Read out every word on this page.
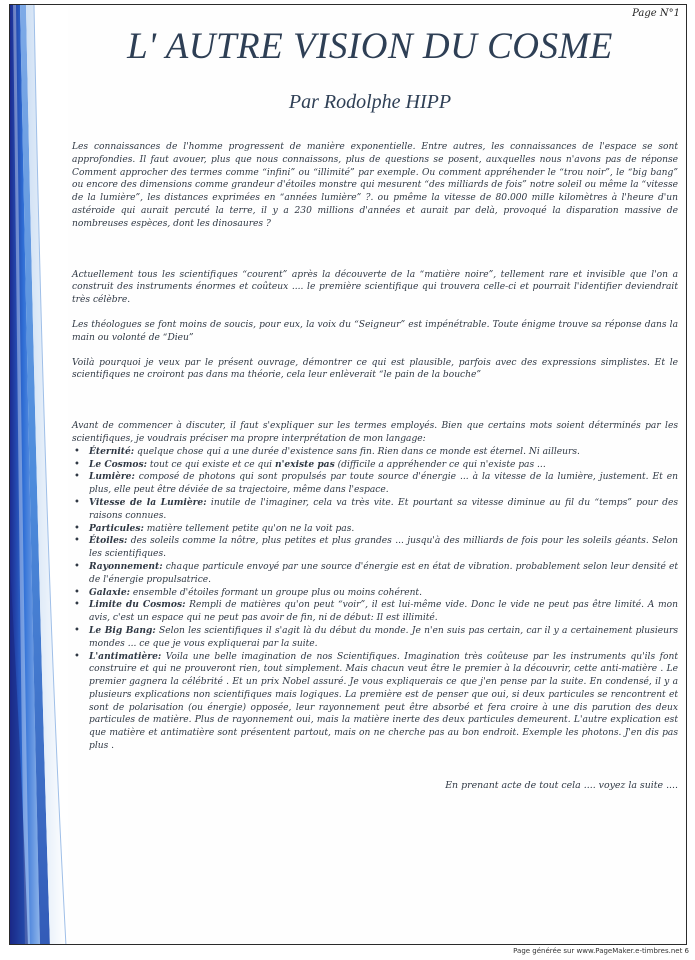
Page N°1
L' AUTRE VISION DU COSME
Par Rodolphe HIPP

Les connaissances de l'homme progressent de manière exponentielle. Entre autres, les connaissances de l'espace se sont approfondies. Il faut avouer, plus que nous connaissons, plus de questions se posent, auxquelles nous n'avons pas de réponse Comment approcher des termes comme “infini” ou “illimité” par exemple. Ou comment appréhender le “trou noir”, le “big bang” ou encore des dimensions comme grandeur d'étoiles monstre qui mesurent “des milliards de fois” notre soleil ou même la “vitesse de la lumière”, les distances exprimées en “années lumière” ?. ou pmême la vitesse de 80.000 mille kilomètres à l'heure d'un astéroide qui aurait percuté la terre, il y a 230 millions d'années et aurait par delà, provoqué la disparation massive de nombreuses espèces, dont les dinosaures ?

Actuellement tous les scientifiques “courent” après la découverte de la “matière noire”, tellement rare et invisible que l'on a construit des instruments énormes et coûteux .... le première scientifique qui trouvera celle-ci et pourrait l'identifier deviendrait très célèbre.

Les théologues se font moins de soucis, pour eux, la voix du “Seigneur” est impénétrable. Toute énigme trouve sa réponse dans la main ou volonté de “Dieu”

Voilà pourquoi je veux par le présent ouvrage, démontrer ce qui est plausible, parfois avec des expressions simplistes. Et le scientifiques ne croiront pas dans ma théorie, cela leur enlèverait “le pain de la bouche”

Avant de commencer à discuter, il faut s'expliquer sur les termes employés. Bien que certains mots soient déterminés par les scientifiques, je voudrais préciser ma propre interprétation de mon langage:

• Éternité: quelque chose qui a une durée d'existence sans fin. Rien dans ce monde est éternel. Ni ailleurs.
• Le Cosmos: tout ce qui existe et ce qui n'existe pas (difficile a appréhender ce qui n'existe pas ...
• Lumière: composé de photons qui sont propulsés par toute source d'énergie ... à la vitesse de la lumière, justement. Et en plus, elle peut être déviée de sa trajectoire, même dans l'espace.
• Vitesse de la Lumière: inutile de l'imaginer, cela va très vite. Et pourtant sa vitesse diminue au fil du “temps” pour des raisons connues.
• Particules: matière tellement petite qu'on ne la voit pas.
• Étoiles: des soleils comme la nôtre, plus petites et plus grandes ... jusqu'à des milliards de fois pour les soleils géants. Selon les scientifiques.
• Rayonnement: chaque particule envoyé par une source d'énergie est en état de vibration. probablement selon leur densité et de l'énergie propulsatrice.
• Galaxie: ensemble d'étoiles formant un groupe plus ou moins cohérent.
• Limite du Cosmos: Rempli de matières qu'on peut “voir”, il est lui-même vide. Donc le vide ne peut pas être limité. A mon avis, c'est un espace qui ne peut pas avoir de fin, ni de début: Il est illimité.
• Le Big Bang: Selon les scientifiques il s'agit là du début du monde. Je n'en suis pas certain, car il y a certainement plusieurs mondes ... ce que je vous expliquerai par la suite.
• L'antimatière: Voila une belle imagination de nos Scientifiques. Imagination très coûteuse par les instruments qu'ils font construire et qui ne prouveront rien, tout simplement. Mais chacun veut être le premier à la découvrir, cette anti-matière . Le premier gagnera la célébrité . Et un prix Nobel assuré. Je vous expliquerais ce que j'en pense par la suite. En condensé, il y a plusieurs explications non scientifiques mais logiques. La première est de penser que oui, si deux particules se rencontrent et sont de polarisation (ou énergie) opposée, leur rayonnement peut être absorbé et fera croire à une dis parution des deux particules de matière. Plus de rayonnement oui, mais la matière inerte des deux particules demeurent. L'autre explication est que matière et antimatière sont présentent partout, mais on ne cherche pas au bon endroit. Exemple les photons. J'en dis pas plus .

En prenant acte de tout cela .... voyez la suite ....

Page générée sur www.PageMaker.e-timbres.net 6
